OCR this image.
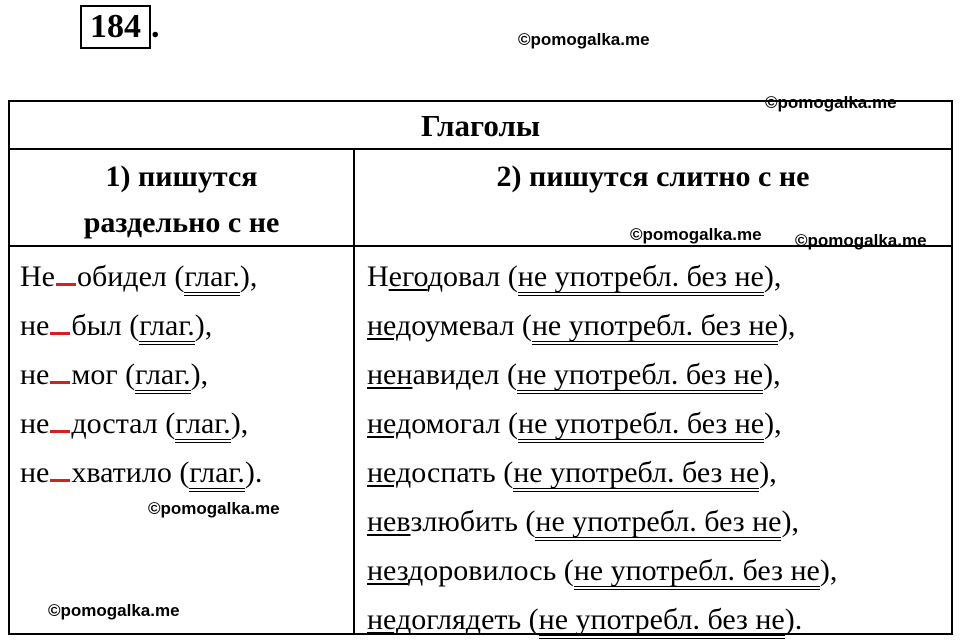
184 .	©pomogalka.me
Глаголы
1) пишутся
раздельно с не
2) пишутся слитно с не
Не обидел (глаг.),
не был (глаг.),
не мог (глаг.),
не достал (глаг.),
не хватило (глаг.).
Негодовал (не употребл. без не),
недоумевал (не употребл. без не),
ненавидел (не употребл. без не),
недомогал (не употребл. без не),
недоспать (не употребл. без не),
невзлюбить (не употребл. без не),
нездоровилось (не употребл. без не),
недоглядеть (не употребл. без не).
©pomogalka.me
©pomogalka.me ©pomogalka.me
©pomogalka.me
©pomogalka.me
